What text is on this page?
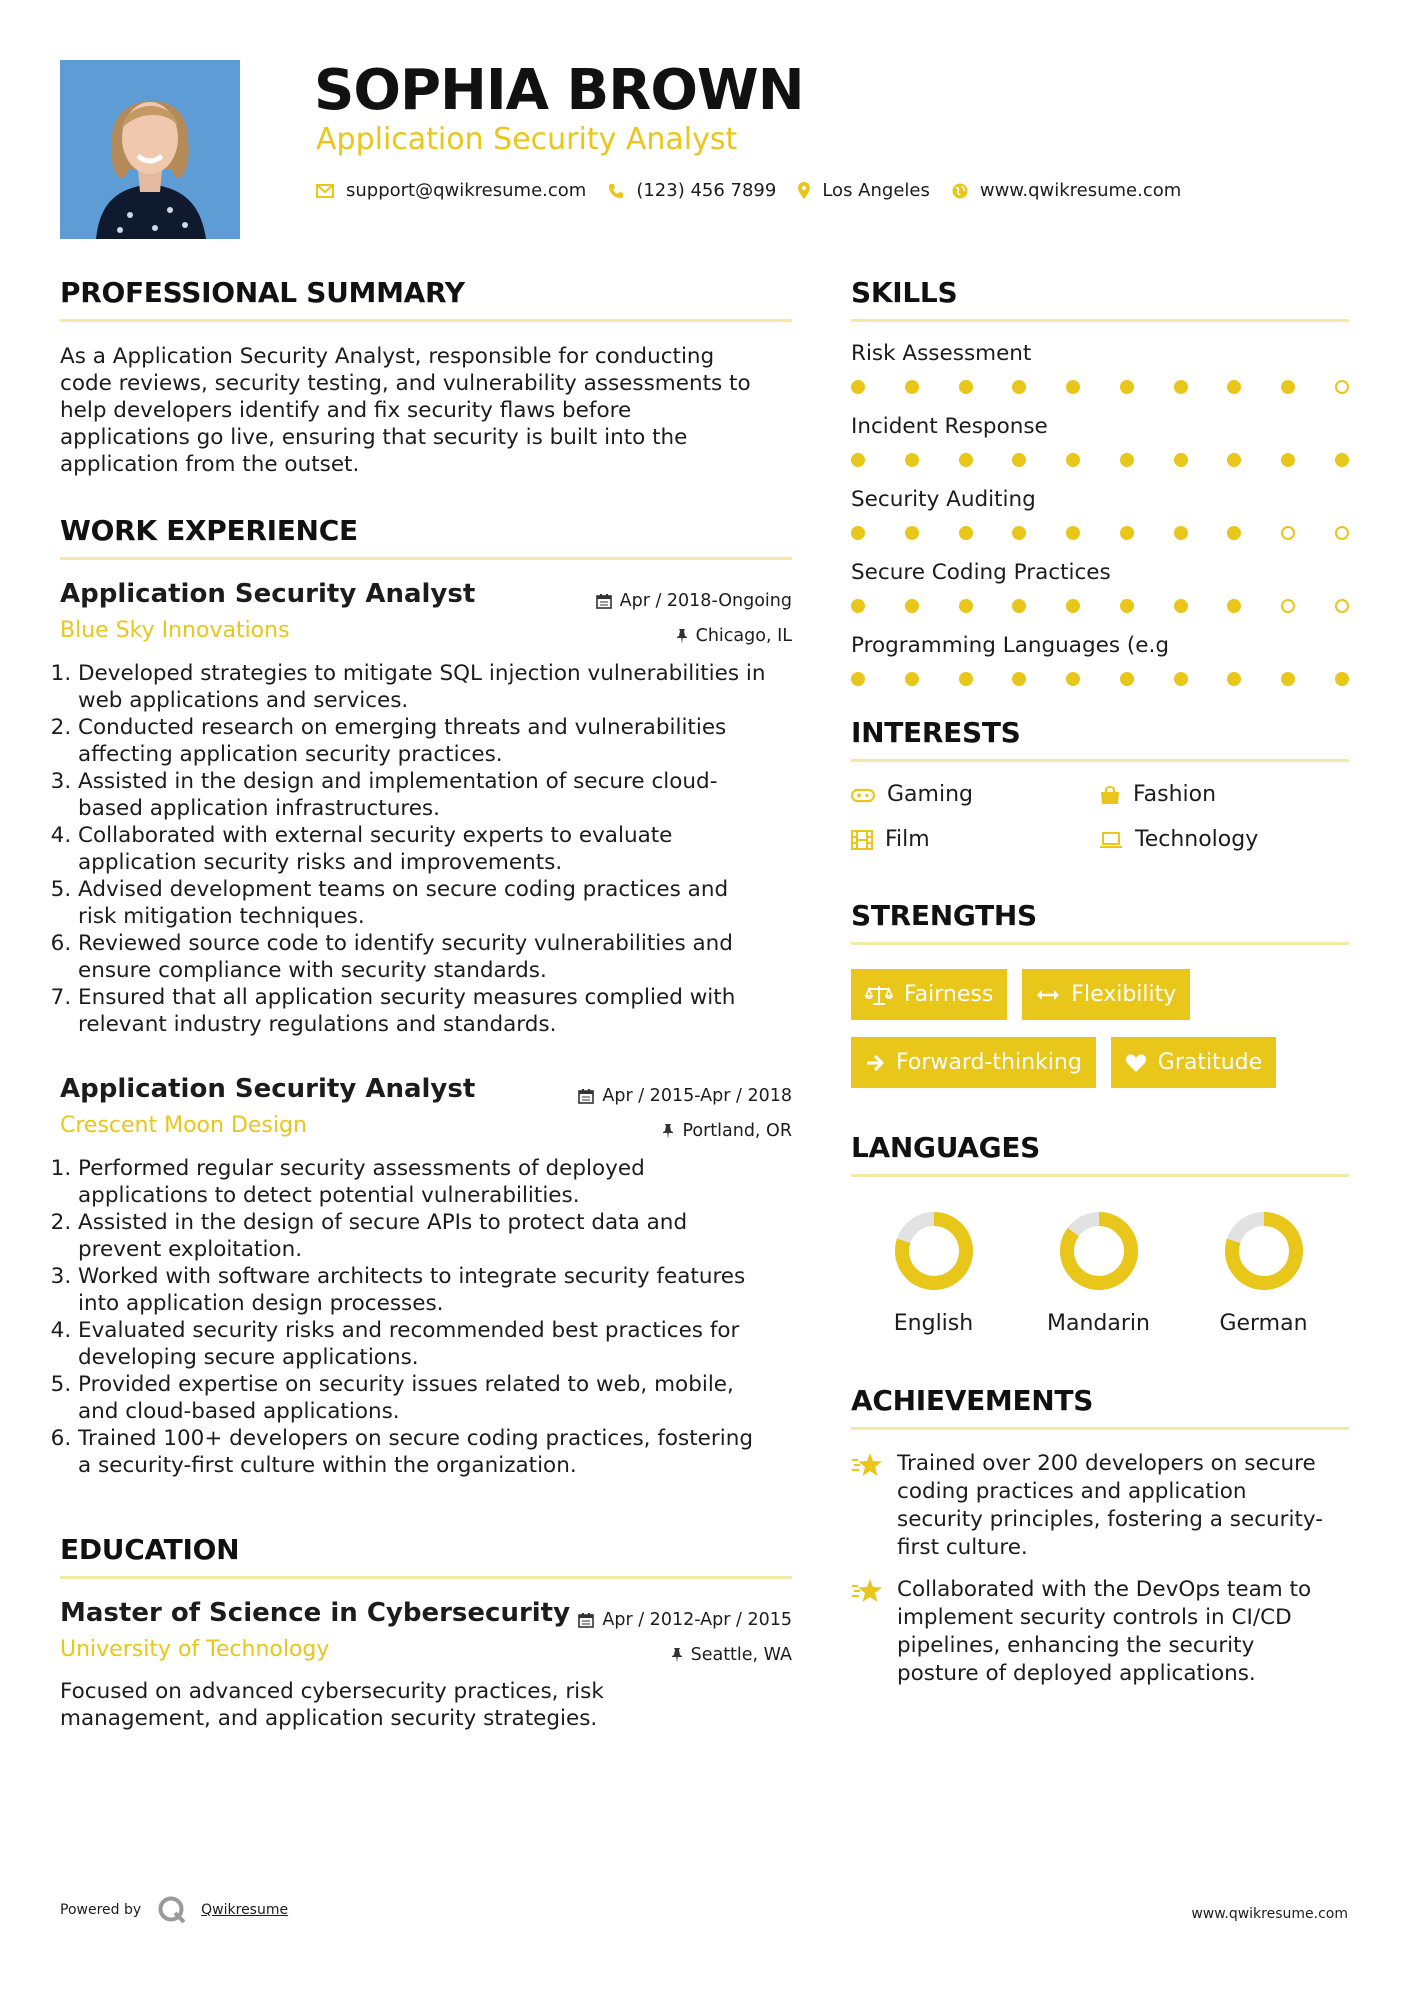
SOPHIA BROWN
Application Security Analyst
support@qwikresume.com	(123) 456 7899	Los Angeles	www.qwikresume.com
PROFESSIONAL SUMMARY

As a Application Security Analyst, responsible for conducting

code reviews, security testing, and vulnerability assessments to

help developers identify and fix security flaws before

applications go live, ensuring that security is built into the

application from the outset.

WORK EXPERIENCE
Application Security Analyst
Blue Sky Innovations
Apr / 2018-Ongoing
Chicago, IL
1. Developed strategies to mitigate SQL injection vulnerabilities in
web applications and services.
2. Conducted research on emerging threats and vulnerabilities
affecting application security practices.
3. Assisted in the design and implementation of secure cloud-
based application infrastructures.
4. Collaborated with external security experts to evaluate
application security risks and improvements.
5. Advised development teams on secure coding practices and
risk mitigation techniques.
6. Reviewed source code to identify security vulnerabilities and
ensure compliance with security standards.
7. Ensured that all application security measures complied with
relevant industry regulations and standards.
Application Security Analyst
Crescent Moon Design
Apr / 2015-Apr / 2018
Portland, OR
1. Performed regular security assessments of deployed
applications to detect potential vulnerabilities.
2. Assisted in the design of secure APIs to protect data and
prevent exploitation.
3. Worked with software architects to integrate security features
into application design processes.
4. Evaluated security risks and recommended best practices for
developing secure applications.
5. Provided expertise on security issues related to web, mobile,
and cloud-based applications.
6. Trained 100+ developers on secure coding practices, fostering
a security-first culture within the organization.
EDUCATION
Master of Science in Cybersecurity
University of Technology
Apr / 2012-Apr / 2015
Seattle, WA

Focused on advanced cybersecurity practices, risk

management, and application security strategies.

SKILLS
Risk Assessment
Incident Response
Security Auditing
Secure Coding Practices
Programming Languages (e.g
INTERESTS
Gaming	Fashion
Film	Technology
STRENGTHS
Fairness	Flexibility
Forward-thinking	Gratitude
LANGUAGES
English	Mandarin	German
ACHIEVEMENTS
Trained over 200 developers on secure
coding practices and application
security principles, fostering a security-
first culture.
Collaborated with the DevOps team to
implement security controls in CI/CD
pipelines, enhancing the security
posture of deployed applications.
Powered by	Qwikresume	www.qwikresume.com
